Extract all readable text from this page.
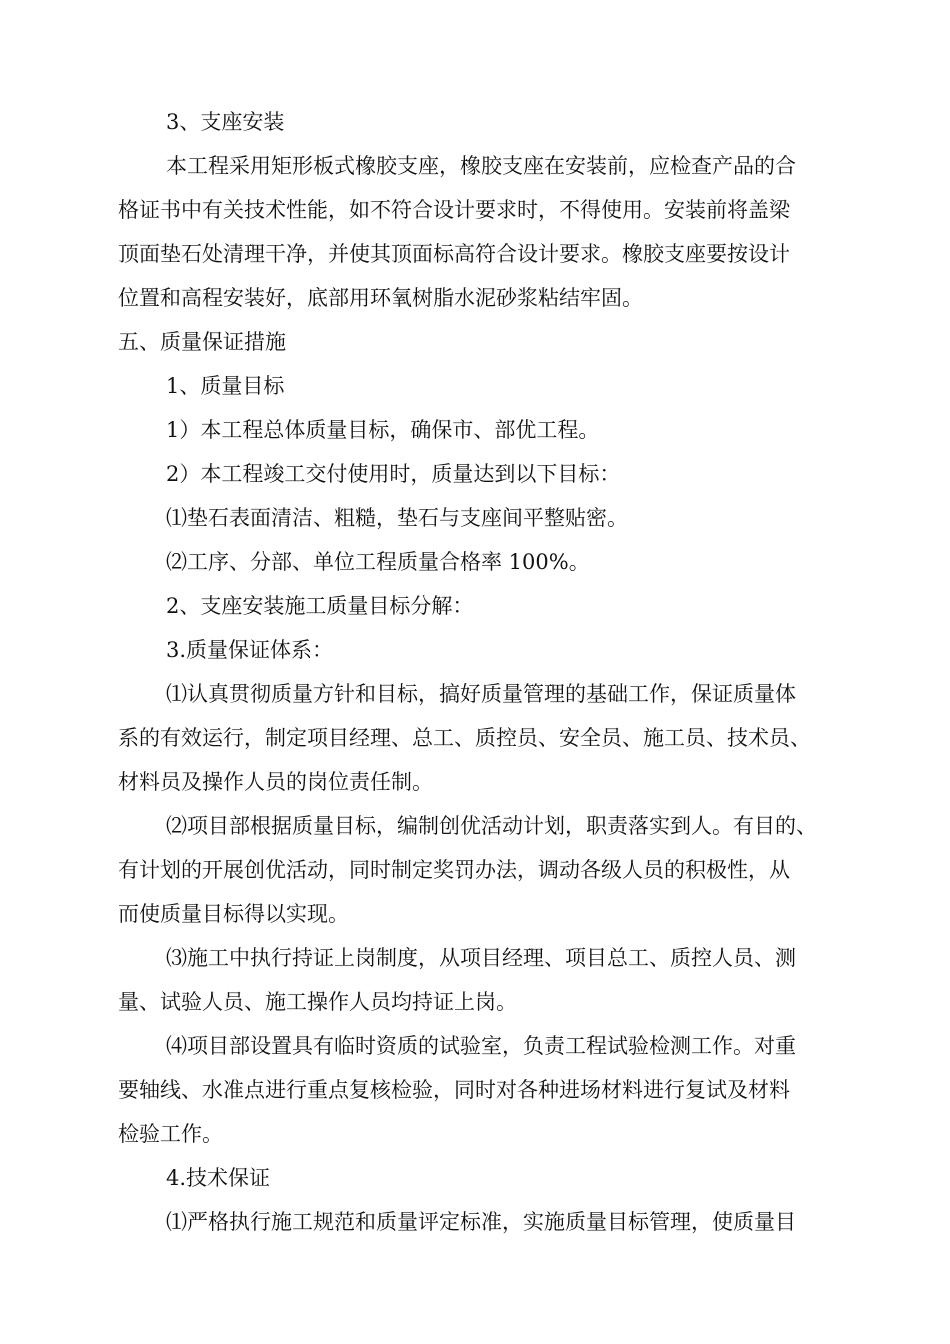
3、支座安装
本工程采用矩形板式橡胶支座，橡胶支座在安装前，应检查产品的合
格证书中有关技术性能，如不符合设计要求时，不得使用。安装前将盖梁
顶面垫石处清理干净，并使其顶面标高符合设计要求。橡胶支座要按设计
位置和高程安装好，底部用环氧树脂水泥砂浆粘结牢固。
五、质量保证措施
1、质量目标
1）本工程总体质量目标，确保市、部优工程。
2）本工程竣工交付使用时，质量达到以下目标：
⑴垫石表面清洁、粗糙，垫石与支座间平整贴密。
⑵工序、分部、单位工程质量合格率 100%。
2、支座安装施工质量目标分解：
3.质量保证体系：
⑴认真贯彻质量方针和目标，搞好质量管理的基础工作，保证质量体
系的有效运行，制定项目经理、总工、质控员、安全员、施工员、技术员、
材料员及操作人员的岗位责任制。
⑵项目部根据质量目标，编制创优活动计划，职责落实到人。有目的、
有计划的开展创优活动，同时制定奖罚办法，调动各级人员的积极性，从
而使质量目标得以实现。
⑶施工中执行持证上岗制度，从项目经理、项目总工、质控人员、测
量、试验人员、施工操作人员均持证上岗。
⑷项目部设置具有临时资质的试验室，负责工程试验检测工作。对重
要轴线、水准点进行重点复核检验，同时对各种进场材料进行复试及材料
检验工作。
4.技术保证
⑴严格执行施工规范和质量评定标准，实施质量目标管理，使质量目
